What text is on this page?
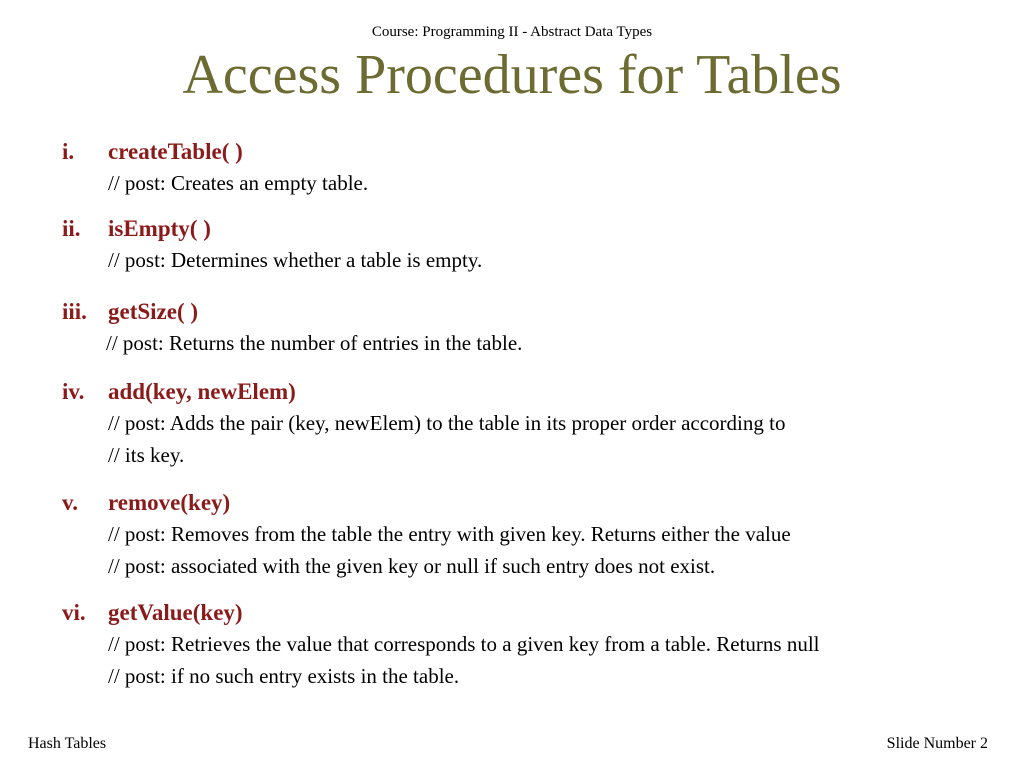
Course: Programming II - Abstract Data Types
Access Procedures for Tables
i. createTable( )
// post: Creates an empty table.
ii. isEmpty( )
// post: Determines whether a table is empty.
iii. getSize( )
// post: Returns the number of entries in the table.
iv. add(key, newElem)
// post: Adds the pair (key, newElem) to the table in its proper order according to
// its key.
v. remove(key)
// post: Removes from the table the entry with given key. Returns either the value
// post: associated with the given key or null if such entry does not exist.
vi. getValue(key)
// post: Retrieves the value that corresponds to a given key from a table. Returns null
// post: if no such entry exists in the table.
Hash Tables	Slide Number 2
